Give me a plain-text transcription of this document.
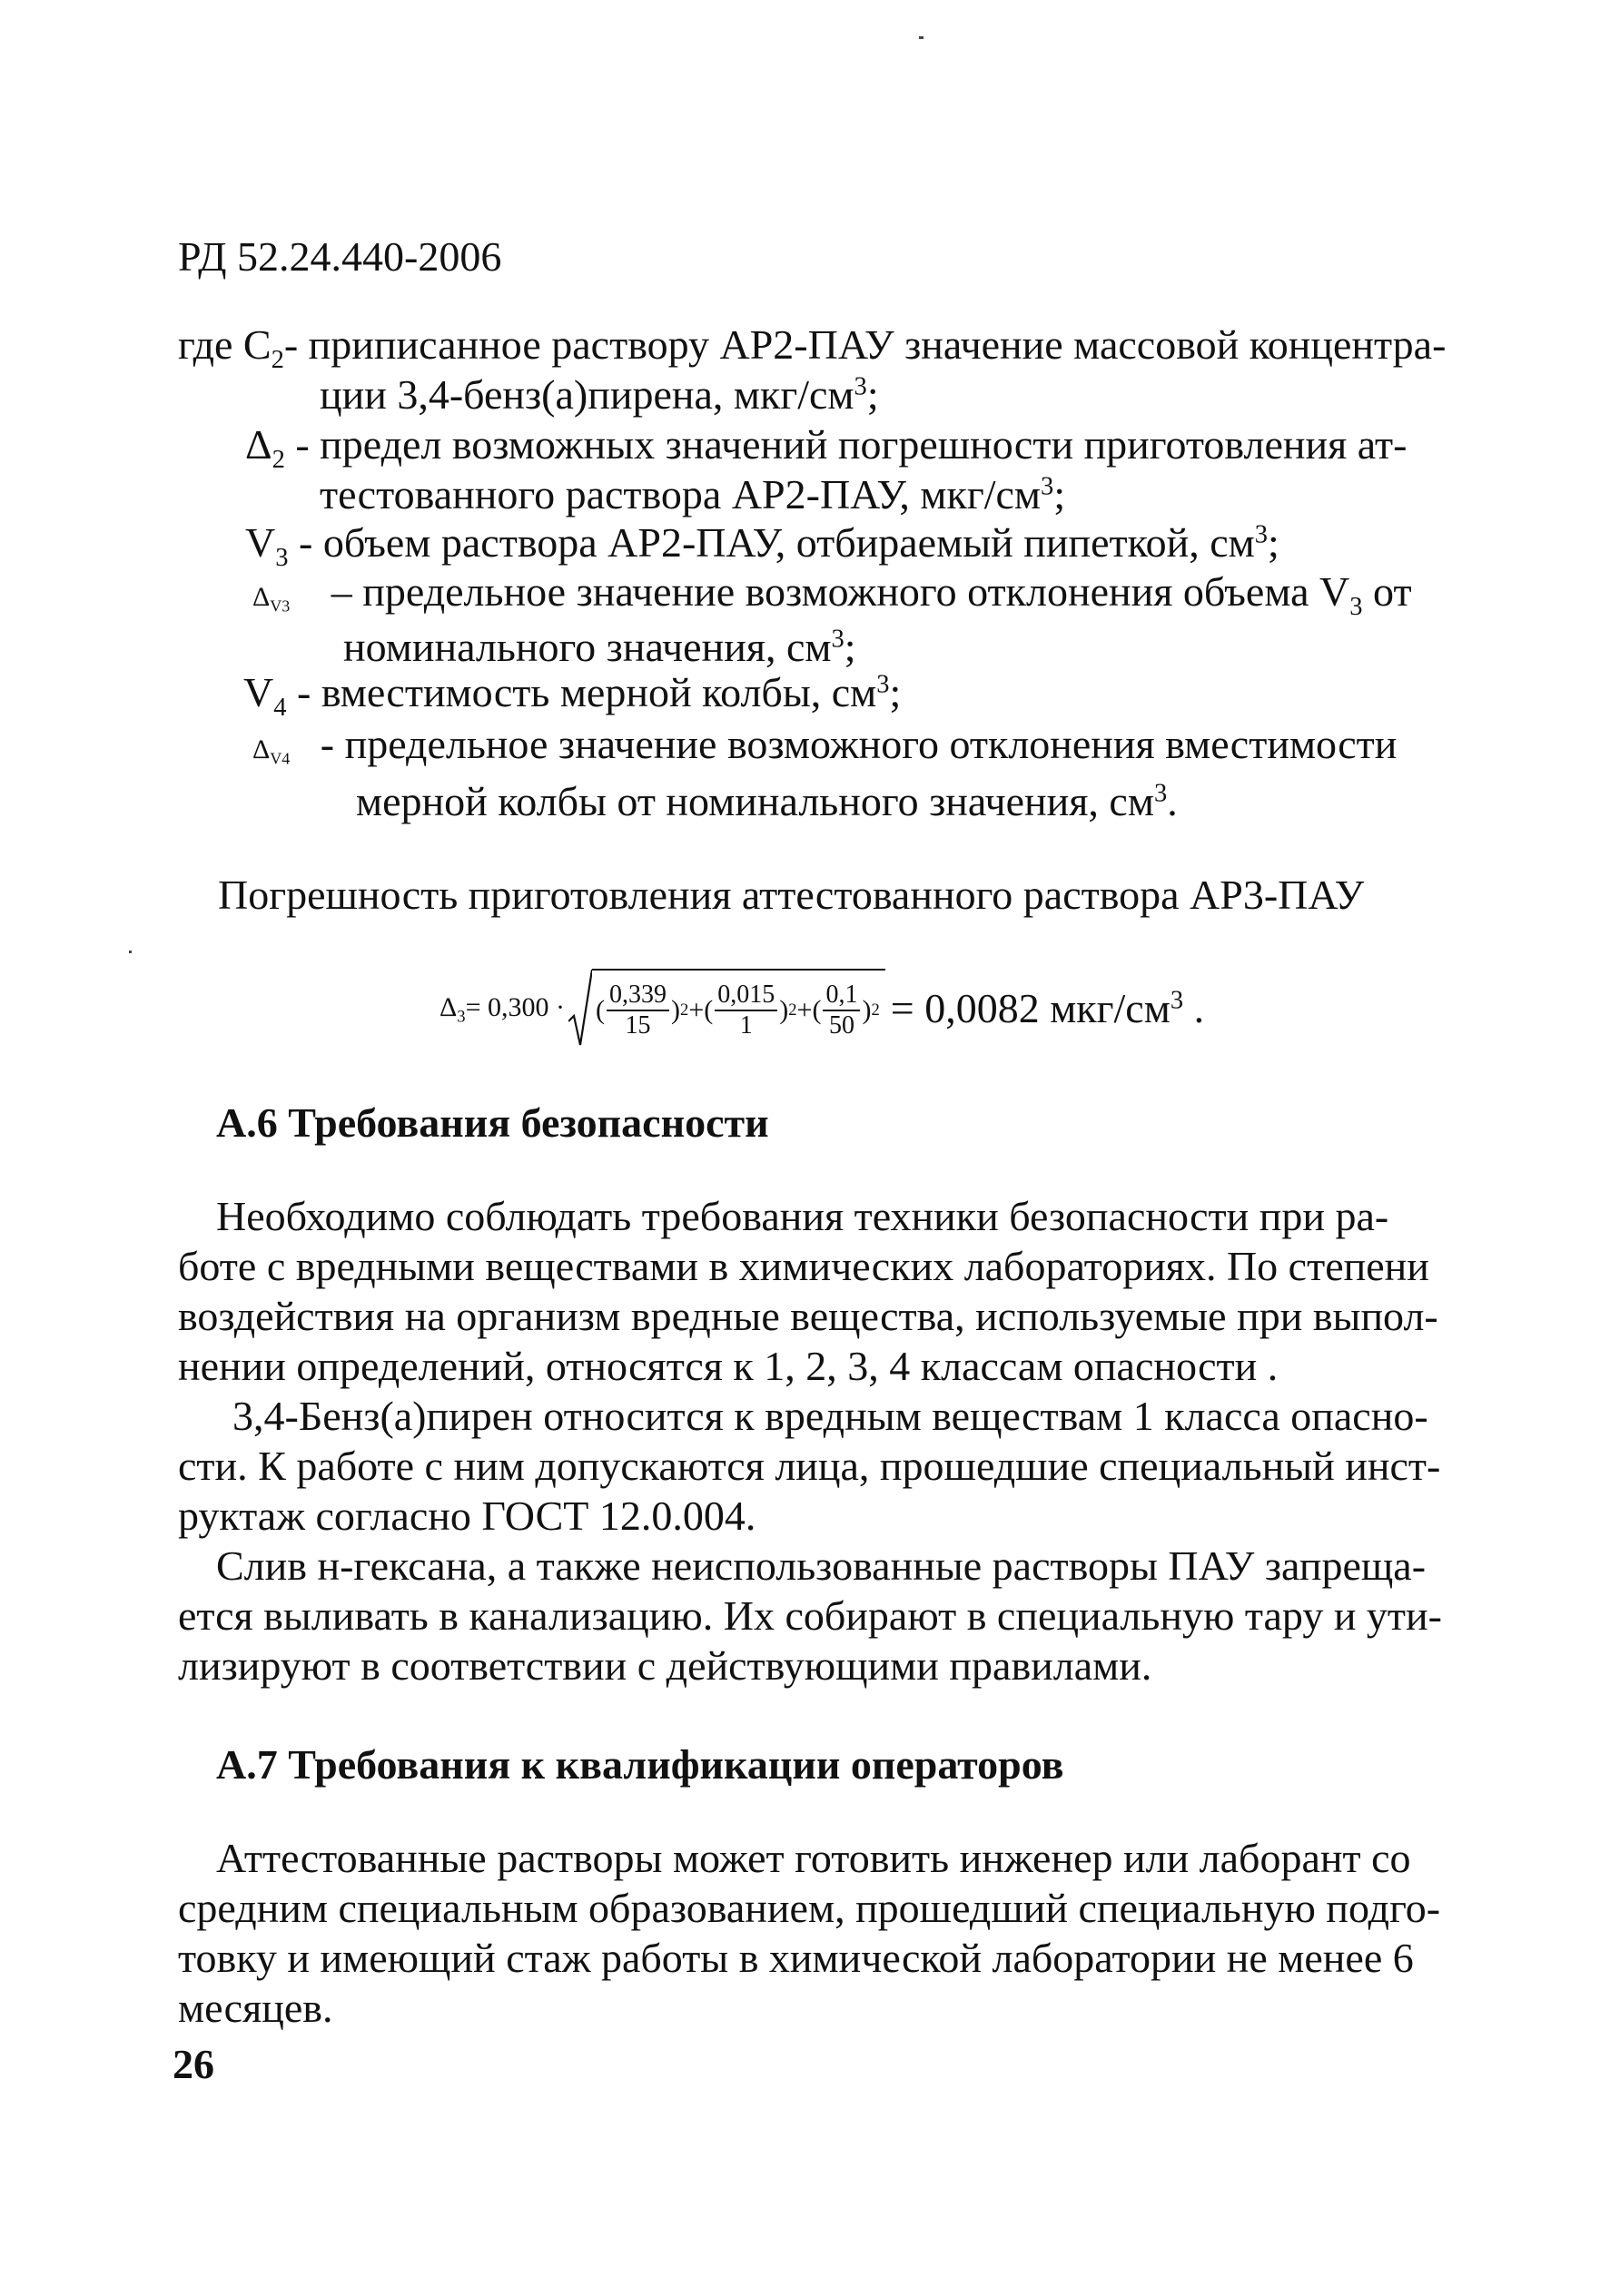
РД 52.24.440-2006
где $С_2-$ приписанное раствору АР2-ПАУ значение массовой концентра-
ции 3,4-бенз(а)пирена, мкг/$см^3$;
$\Delta_2$ - предел возможных значений погрешности приготовления ат-
тестованного раствора АР2-ПАУ, мкг/$см^3$;
$V_3$ - объем раствора АР2-ПАУ, отбираемый пипеткой, $см^3$;
$\Delta_{V3}$ – предельное значение возможного отклонения объема $V_3$ от
номинального значения, $см^3$;
$V_4$ - вместимость мерной колбы, $см^3$;
$\Delta_{V4}$ - предельное значение возможного отклонения вместимости
мерной колбы от номинального значения, $см^3$.
Погрешность приготовления аттестованного раствора АР3-ПАУ
$\Delta_3 = 0,300$ · ( $\frac{0,339}{15}$ ) 2 + ( $\frac{0,015}{1}$ ) 2 + ( $\frac{0,1}{50}$ ) 2 = 0,0082 мкг/$см^3$ .
А.6 Требования безопасности
Необходимо соблюдать требования техники безопасности при ра-
боте с вредными веществами в химических лабораториях. По степени
воздействия на организм вредные вещества, используемые при выпол-
нении определений, относятся к 1, 2, 3, 4 классам опасности .
3,4-Бенз(а)пирен относится к вредным веществам 1 класса опасно-
сти. К работе с ним допускаются лица, прошедшие специальный инст-
руктаж согласно ГОСТ 12.0.004.
Слив н-гексана, а также неиспользованные растворы ПАУ запреща-
ется выливать в канализацию. Их собирают в специальную тару и ути-
лизируют в соответствии с действующими правилами.
А.7 Требования к квалификации операторов
Аттестованные растворы может готовить инженер или лаборант со
средним специальным образованием, прошедший специальную подго-
товку и имеющий стаж работы в химической лаборатории не менее 6
месяцев.
26
